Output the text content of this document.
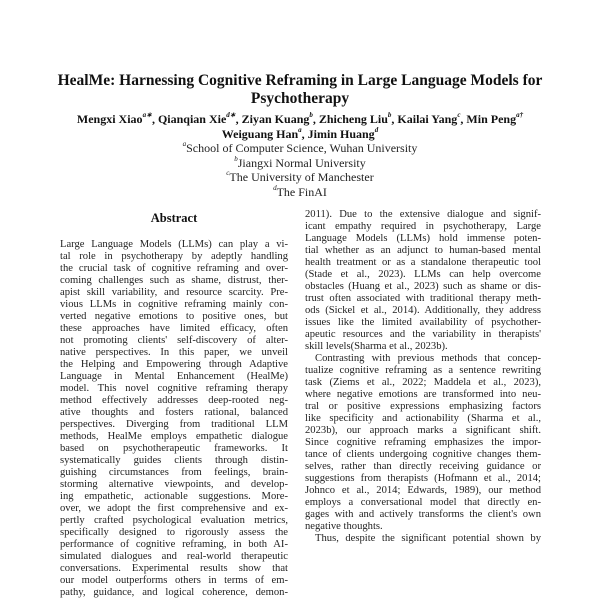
HealMe: Harnessing Cognitive Reframing in Large Language Models for
Psychotherapy
Mengxi Xiao$^{a∗}$, Qianqian Xie$^{d∗}$, Ziyan Kuang$^b$, Zhicheng Liu$^b$, Kailai Yang$^c$, Min Peng$^{a\dagger}$
Weiguang Han$^a$, Jimin Huang$^d$
$^a$School of Computer Science, Wuhan University
$^b$Jiangxi Normal University
$^c$The University of Manchester
$^d$The FinAI
Abstract
Large Language Models (LLMs) can play a vi-
tal role in psychotherapy by adeptly handling
the crucial task of cognitive reframing and over-
coming challenges such as shame, distrust, ther-
apist skill variability, and resource scarcity. Pre-
vious LLMs in cognitive reframing mainly con-
verted negative emotions to positive ones, but
these approaches have limited efficacy, often
not promoting clients' self-discovery of alter-
native perspectives. In this paper, we unveil
the Helping and Empowering through Adaptive
Language in Mental Enhancement (HealMe)
model. This novel cognitive reframing therapy
method effectively addresses deep-rooted neg-
ative thoughts and fosters rational, balanced
perspectives. Diverging from traditional LLM
methods, HealMe employs empathetic dialogue
based on psychotherapeutic frameworks. It
systematically guides clients through distin-
guishing circumstances from feelings, brain-
storming alternative viewpoints, and develop-
ing empathetic, actionable suggestions. More-
over, we adopt the first comprehensive and ex-
pertly crafted psychological evaluation metrics,
specifically designed to rigorously assess the
performance of cognitive reframing, in both AI-
simulated dialogues and real-world therapeutic
conversations. Experimental results show that
our model outperforms others in terms of em-
pathy, guidance, and logical coherence, demon-
2011). Due to the extensive dialogue and signif-
icant empathy required in psychotherapy, Large
Language Models (LLMs) hold immense poten-
tial whether as an adjunct to human-based mental
health treatment or as a standalone therapeutic tool
(Stade et al., 2023). LLMs can help overcome
obstacles (Huang et al., 2023) such as shame or dis-
trust often associated with traditional therapy meth-
ods (Sickel et al., 2014). Additionally, they address
issues like the limited availability of psychother-
apeutic resources and the variability in therapists'
skill levels(Sharma et al., 2023b).
Contrasting with previous methods that concep-
tualize cognitive reframing as a sentence rewriting
task (Ziems et al., 2022; Maddela et al., 2023),
where negative emotions are transformed into neu-
tral or positive expressions emphasizing factors
like specificity and actionability (Sharma et al.,
2023b), our approach marks a significant shift.
Since cognitive reframing emphasizes the impor-
tance of clients undergoing cognitive changes them-
selves, rather than directly receiving guidance or
suggestions from therapists (Hofmann et al., 2014;
Johnco et al., 2014; Edwards, 1989), our method
employs a conversational model that directly en-
gages with and actively transforms the client's own
negative thoughts.
Thus, despite the significant potential shown by
